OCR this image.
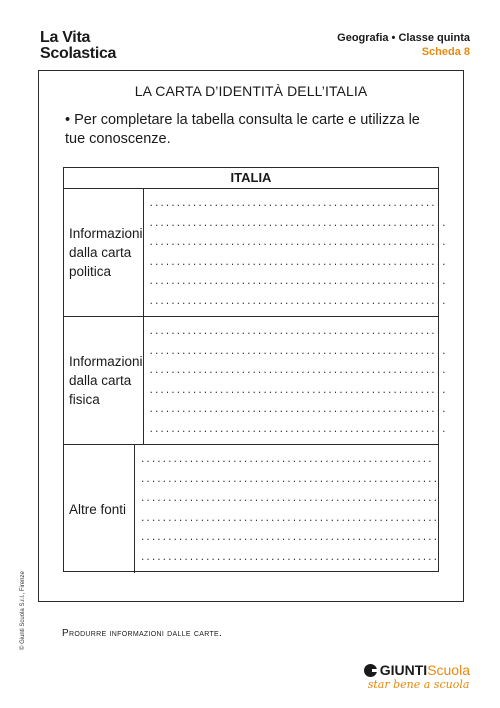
La Vita
Scolastica
Geografia • Classe quinta
Scheda 8
LA CARTA D’IDENTITÀ DELL’ITALIA
• Per completare la tabella consulta le carte e utilizza le tue conoscenze.
ITALIA
Informazioni dalla carta politica
......................................................
.......................................................
.......................................................
.......................................................
.......................................................
.......................................................
Informazioni dalla carta fisica
......................................................
.......................................................
.......................................................
.......................................................
.......................................................
.......................................................
Altre fonti
......................................................
.......................................................
.......................................................
.......................................................
.......................................................
.......................................................
Produrre informazioni dalle carte.
© Giunti Scuola S.r.l., Firenze
GIUNTI Scuola
star bene a scuola
